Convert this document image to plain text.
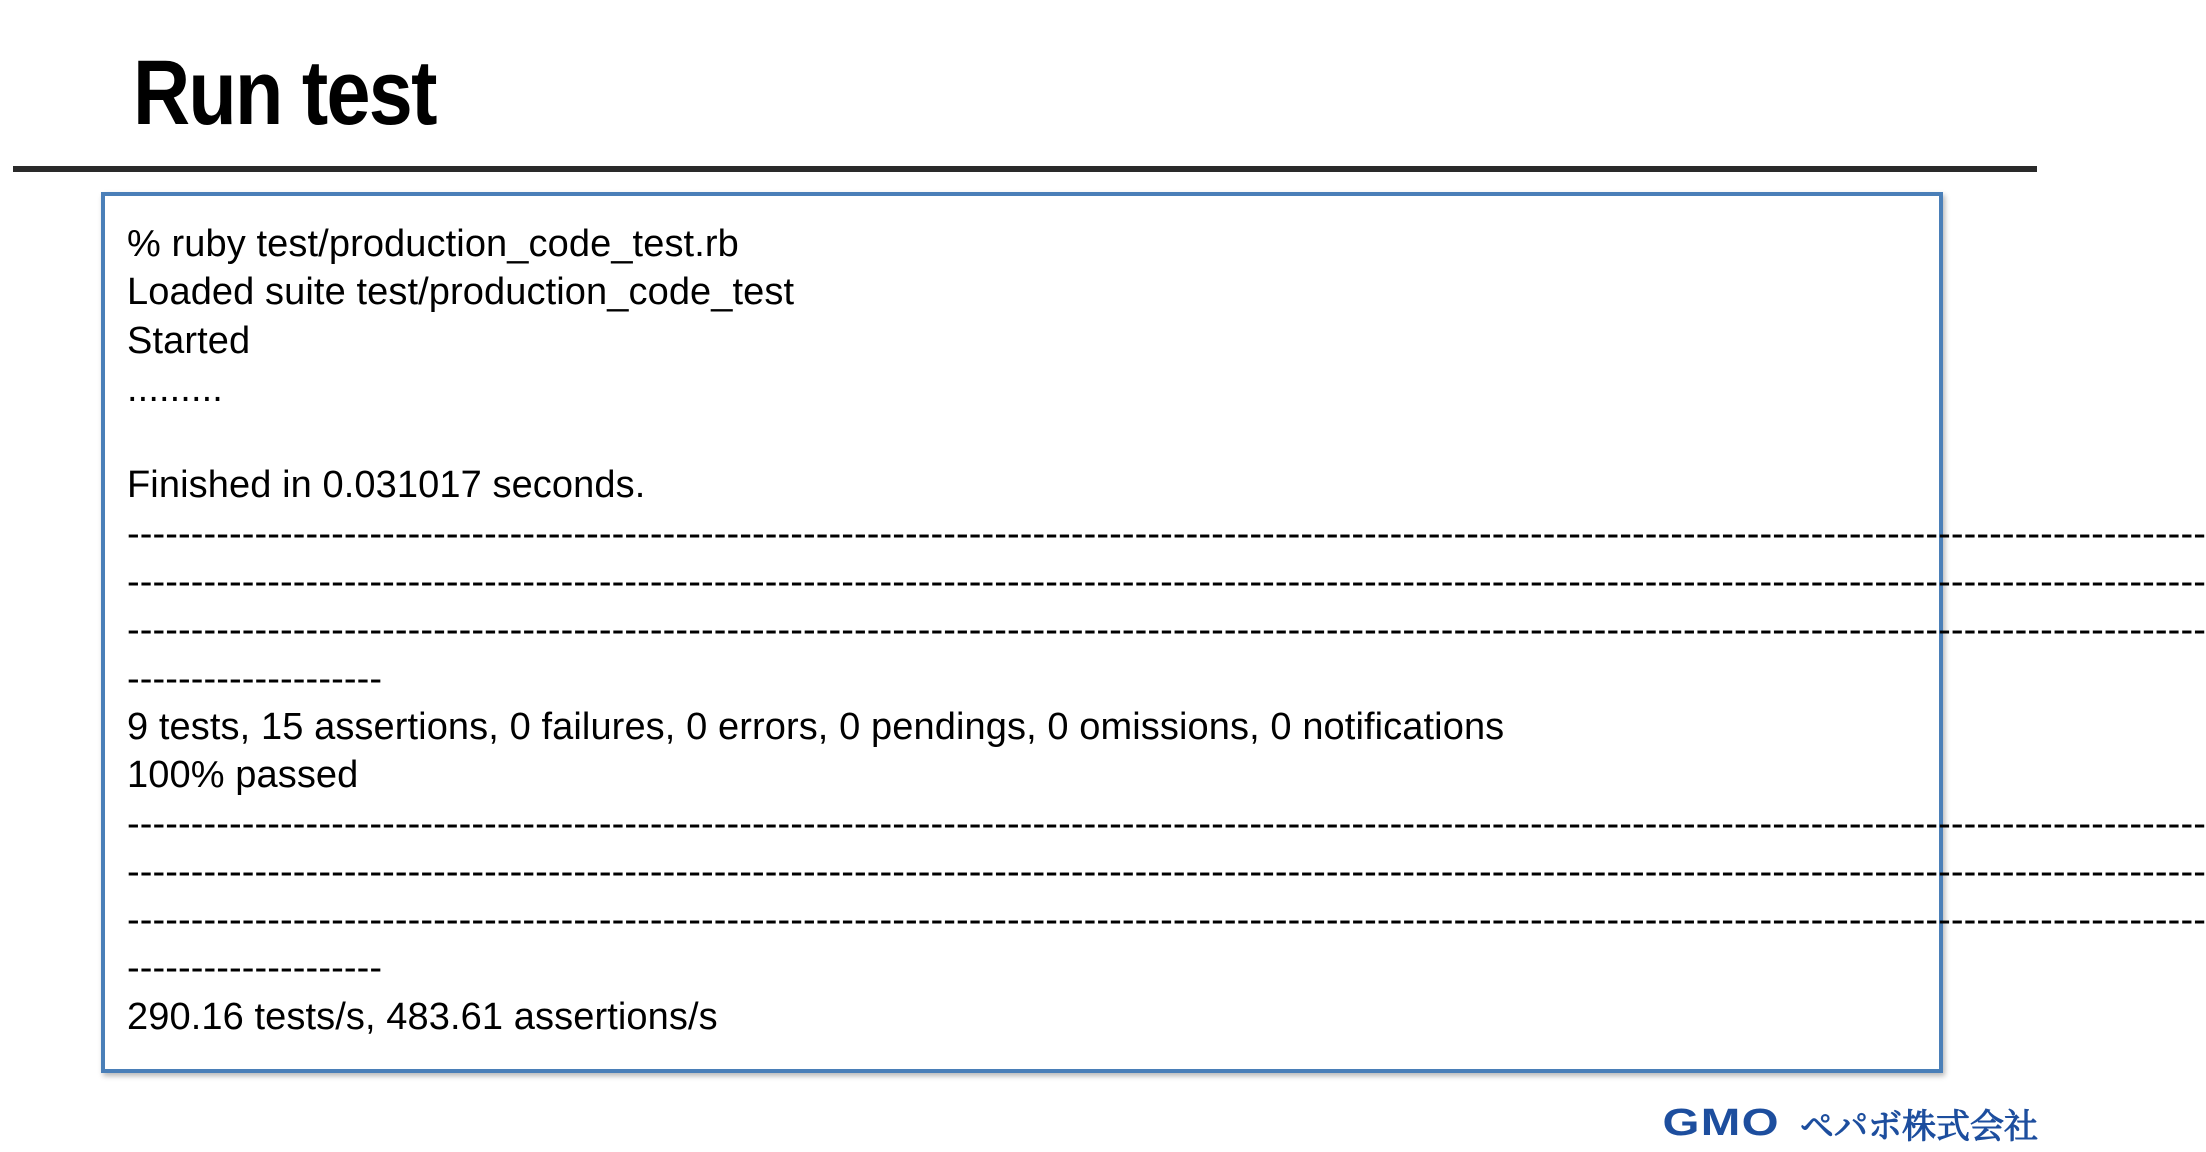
Run test
% ruby test/production_code_test.rb
Loaded suite test/production_code_test
Started
.........
Finished in 0.031017 seconds.
-------------------------------------------------------------------------------------------------------------------------------------------------------------------
-------------------------------------------------------------------------------------------------------------------------------------------------------------------
-------------------------------------------------------------------------------------------------------------------------------------------------------------------
--------------------
9 tests, 15 assertions, 0 failures, 0 errors, 0 pendings, 0 omissions, 0 notifications
100% passed
-------------------------------------------------------------------------------------------------------------------------------------------------------------------
-------------------------------------------------------------------------------------------------------------------------------------------------------------------
-------------------------------------------------------------------------------------------------------------------------------------------------------------------
--------------------
290.16 tests/s, 483.61 assertions/s
GMO ペパボ株式会社
